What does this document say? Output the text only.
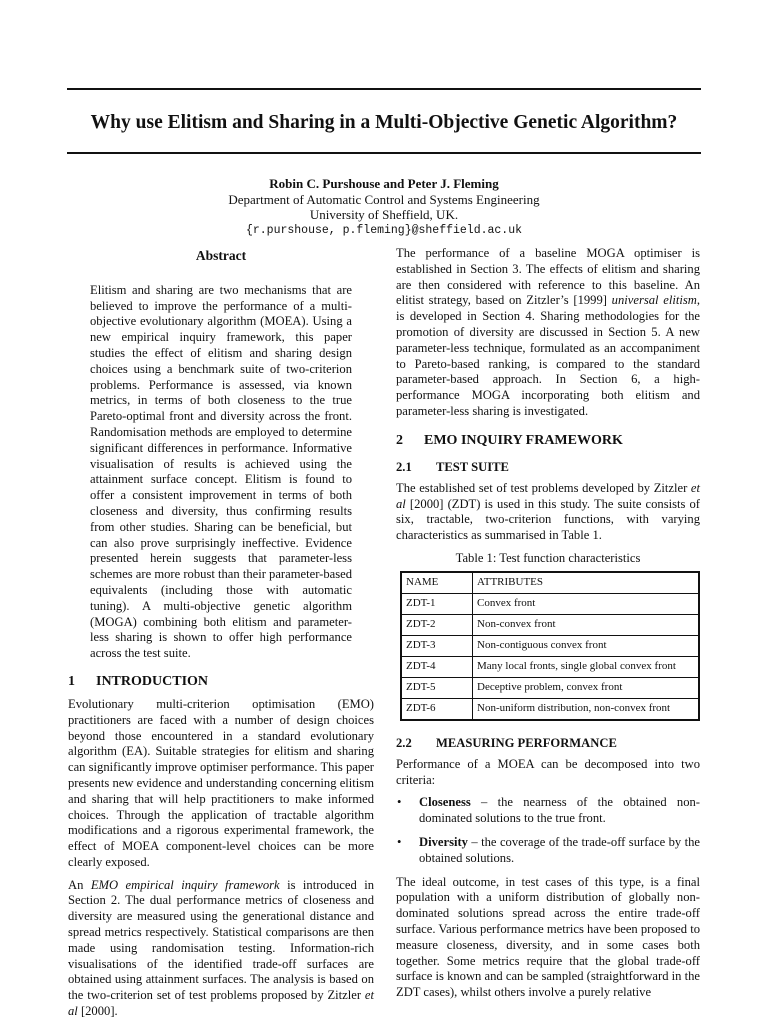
Why use Elitism and Sharing in a Multi-Objective Genetic Algorithm?
Robin C. Purshouse and Peter J. Fleming
Department of Automatic Control and Systems Engineering
University of Sheffield, UK.
{r.purshouse, p.fleming}@sheffield.ac.uk
Abstract

Elitism and sharing are two mechanisms that are believed to improve the performance of a multi-objective evolutionary algorithm (MOEA). Using a new empirical inquiry framework, this paper studies the effect of elitism and sharing design choices using a benchmark suite of two-criterion problems. Performance is assessed, via known metrics, in terms of both closeness to the true Pareto-optimal front and diversity across the front. Randomisation methods are employed to determine significant differences in performance. Informative visualisation of results is achieved using the attainment surface concept. Elitism is found to offer a consistent improvement in terms of both closeness and diversity, thus confirming results from other studies. Sharing can be beneficial, but can also prove surprisingly ineffective. Evidence presented herein suggests that parameter-less schemes are more robust than their parameter-based equivalents (including those with automatic tuning). A multi-objective genetic algorithm (MOGA) combining both elitism and parameter-less sharing is shown to offer high performance across the test suite.

1 INTRODUCTION

Evolutionary multi-criterion optimisation (EMO) practitioners are faced with a number of design choices beyond those encountered in a standard evolutionary algorithm (EA). Suitable strategies for elitism and sharing can significantly improve optimiser performance. This paper presents new evidence and understanding concerning elitism and sharing that will help practitioners to make informed choices. Through the application of tractable algorithm modifications and a rigorous experimental framework, the effect of MOEA component-level choices can be more clearly exposed.

An EMO empirical inquiry framework is introduced in Section 2. The dual performance metrics of closeness and diversity are measured using the generational distance and spread metrics respectively. Statistical comparisons are then made using randomisation testing. Information-rich visualisations of the identified trade-off surfaces are obtained using attainment surfaces. The analysis is based on the two-criterion set of test problems proposed by Zitzler et al [2000].

The performance of a baseline MOGA optimiser is established in Section 3. The effects of elitism and sharing are then considered with reference to this baseline. An elitist strategy, based on Zitzler’s [1999] universal elitism, is developed in Section 4. Sharing methodologies for the promotion of diversity are discussed in Section 5. A new parameter-less technique, formulated as an accompaniment to Pareto-based ranking, is compared to the standard parameter-based approach. In Section 6, a high-performance MOGA incorporating both elitism and parameter-less sharing is investigated.

2 EMO INQUIRY FRAMEWORK
2.1 TEST SUITE

The established set of test problems developed by Zitzler et al [2000] (ZDT) is used in this study. The suite consists of six, tractable, two-criterion functions, with varying characteristics as summarised in Table 1.

Table 1: Test function characteristics
NAME	ATTRIBUTES
ZDT-1	Convex front
ZDT-2	Non-convex front
ZDT-3	Non-contiguous convex front
ZDT-4	Many local fronts, single global convex front
ZDT-5	Deceptive problem, convex front
ZDT-6	Non-uniform distribution, non-convex front
2.2 MEASURING PERFORMANCE

Performance of a MOEA can be decomposed into two criteria:

• Closeness – the nearness of the obtained non-dominated solutions to the true front.
• Diversity – the coverage of the trade-off surface by the obtained solutions.

The ideal outcome, in test cases of this type, is a final population with a uniform distribution of globally non-dominated solutions spread across the entire trade-off surface. Various performance metrics have been proposed to measure closeness, diversity, and in some cases both together. Some metrics require that the global trade-off surface is known and can be sampled (straightforward in the ZDT cases), whilst others involve a purely relative
